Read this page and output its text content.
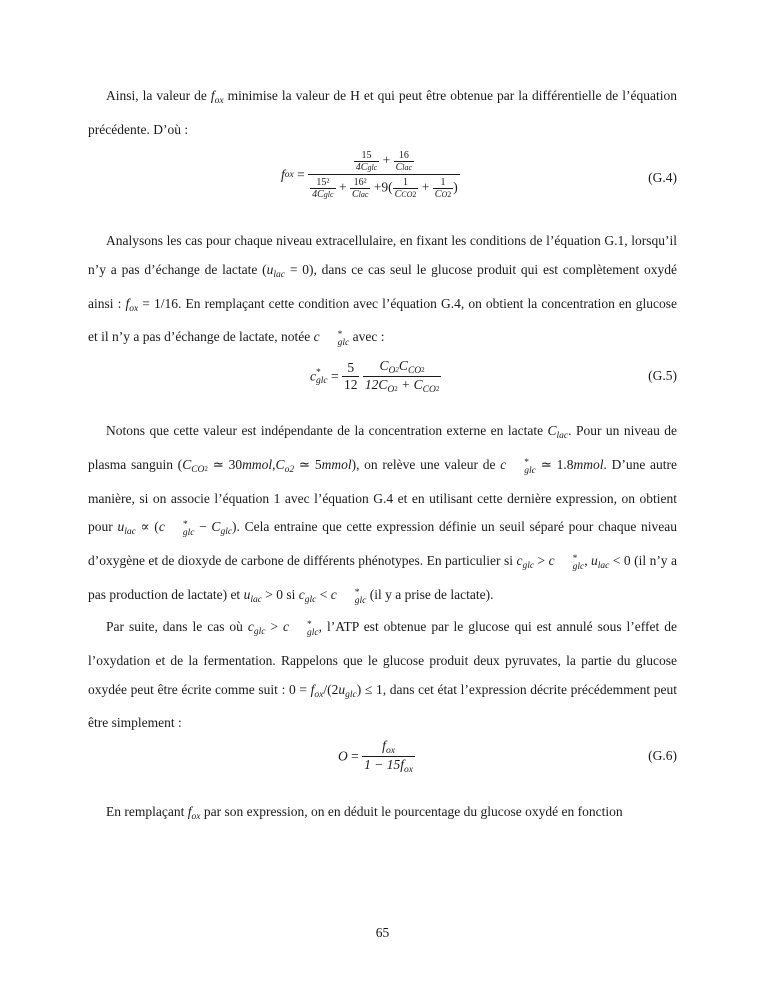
Ainsi, la valeur de $f_{ox}$ minimise la valeur de H et qui peut être obtenue par la différentielle de l’équation précédente. D’où :

fox =
$\frac{15}{\text{4Cglc}} + \frac{16}{\text{Clac}}$
$\frac{\text{15²}}{\text{4Cglc}} + \frac{\text{16²}}{\text{Clac}} +9( \frac{1}{\text{CCO2}} + \frac{1}{CO2}$ )
(G.4)

Analysons les cas pour chaque niveau extracellulaire, en fixant les conditions de l’équation G.1, lorsqu’il n’y a pas d’échange de lactate $(u_{lac} = 0)$, dans ce cas seul le glucose produit qui est complètement oxydé ainsi : $f_{ox} = 1/16$. En remplaçant cette condition avec l’équation G.4, on obtient la concentration en glucose et il n’y a pas d’échange de lactate, notée c	*
glc avec :

c *
glc = $\frac{5}{12}$
$\frac{C_O2C_{CO}2}{12C_O2 + C_{CO}2}$	(G.5)

Notons que cette valeur est indépendante de la concentration externe en lactate $C_{lac}$. Pour un niveau de plasma sanguin ($C_{CO}2$ ≃ $30mmol,C_{o2}$ ≃ 5mmol), on relève une valeur de c	*
glc ≃ 1.8mmol. D’une autre manière, si on associe l’équation 1 avec l’équation G.4 et en utilisant cette dernière expression, on obtient pour $u_{lac} \propto (c$	*
glc − $C_{glc}$). Cela entraine que cette expression définie un seuil séparé pour chaque niveau d’oxygène et de dioxyde de carbone de différents phénotypes. En particulier si $c_{glc} > c$	*
glc , $u_{lac} < 0$ (il n’y a pas production de lactate) et $u_{lac} > 0$ si $c_{glc} < c$	*
glc (il y a prise de lactate).

Par suite, dans le cas où $c_{glc} > c$	*
glc , l’ATP est obtenue par le glucose qui est annulé sous l’effet de l’oxydation et de la fermentation. Rappelons que le glucose produit deux pyruvates, la partie du glucose oxydée peut être écrite comme suit : $0 = f_{ox}/(2u_{glc}) \le 1$, dans cet état l’expression décrite précédemment peut être simplement :

$O = \frac{f_{ox}}{1 - 15f_{ox}}$	(G.6)

En remplaçant $f_{ox}$ par son expression, on en déduit le pourcentage du glucose oxydé en fonction

65
